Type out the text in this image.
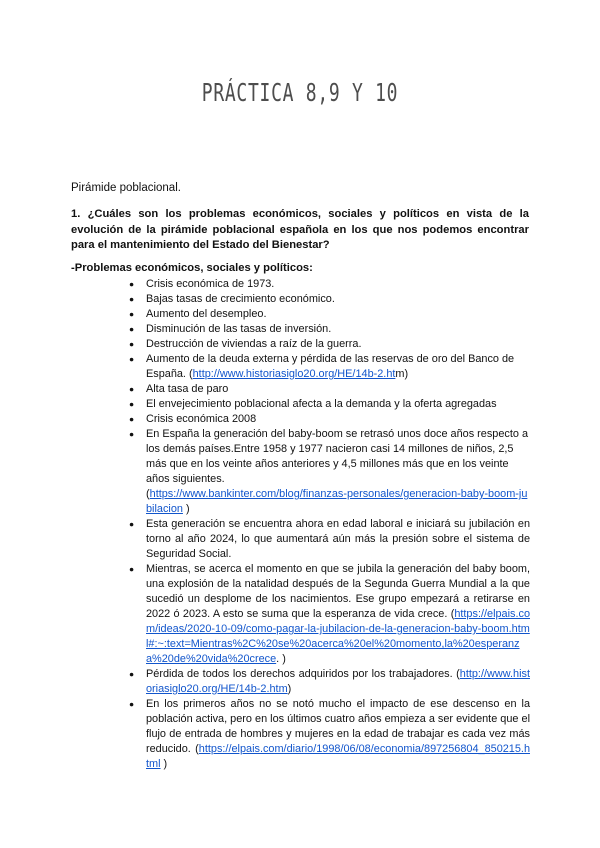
PRÁCTICA 8,9 Y 10
Pirámide poblacional.
1. ¿Cuáles son los problemas económicos, sociales y políticos en vista de la evolución de la pirámide poblacional española en los que nos podemos encontrar para el mantenimiento del Estado del Bienestar?
-Problemas económicos, sociales y políticos:
● Crisis económica de 1973.
● Bajas tasas de crecimiento económico.
● Aumento del desempleo.
● Disminución de las tasas de inversión.
● Destrucción de viviendas a raíz de la guerra.
● Aumento de la deuda externa y pérdida de las reservas de oro del Banco de España. (http://www.historiasiglo20.org/HE/14b-2.htm)
● Alta tasa de paro
● El envejecimiento poblacional afecta a la demanda y la oferta agregadas
● Crisis económica 2008
● En España la generación del baby-boom se retrasó unos doce años respecto a los demás países.Entre 1958 y 1977 nacieron casi 14 millones de niños, 2,5 más que en los veinte años anteriores y 4,5 millones más que en los veinte años siguientes.
(https://www.bankinter.com/blog/finanzas-personales/generacion-baby-boom-jubilacion )
● Esta generación se encuentra ahora en edad laboral e iniciará su jubilación en torno al año 2024, lo que aumentará aún más la presión sobre el sistema de Seguridad Social.
● Mientras, se acerca el momento en que se jubila la generación del baby boom, una explosión de la natalidad después de la Segunda Guerra Mundial a la que sucedió un desplome de los nacimientos. Ese grupo empezará a retirarse en 2022 ó 2023. A esto se suma que la esperanza de vida crece. (https://elpais.com/ideas/2020-10-09/como-pagar-la-jubilacion-de-la-generacion-baby-boom.html#:~:text=Mientras%2C%20se%20acerca%20el%20momento,la%20esperanza%20de%20vida%20crece. )
● Pérdida de todos los derechos adquiridos por los trabajadores. (http://www.historiasiglo20.org/HE/14b-2.htm)
● En los primeros años no se notó mucho el impacto de ese descenso en la población activa, pero en los últimos cuatro años empieza a ser evidente que el flujo de entrada de hombres y mujeres en la edad de trabajar es cada vez más reducido. (https://elpais.com/diario/1998/06/08/economia/897256804_850215.html )
